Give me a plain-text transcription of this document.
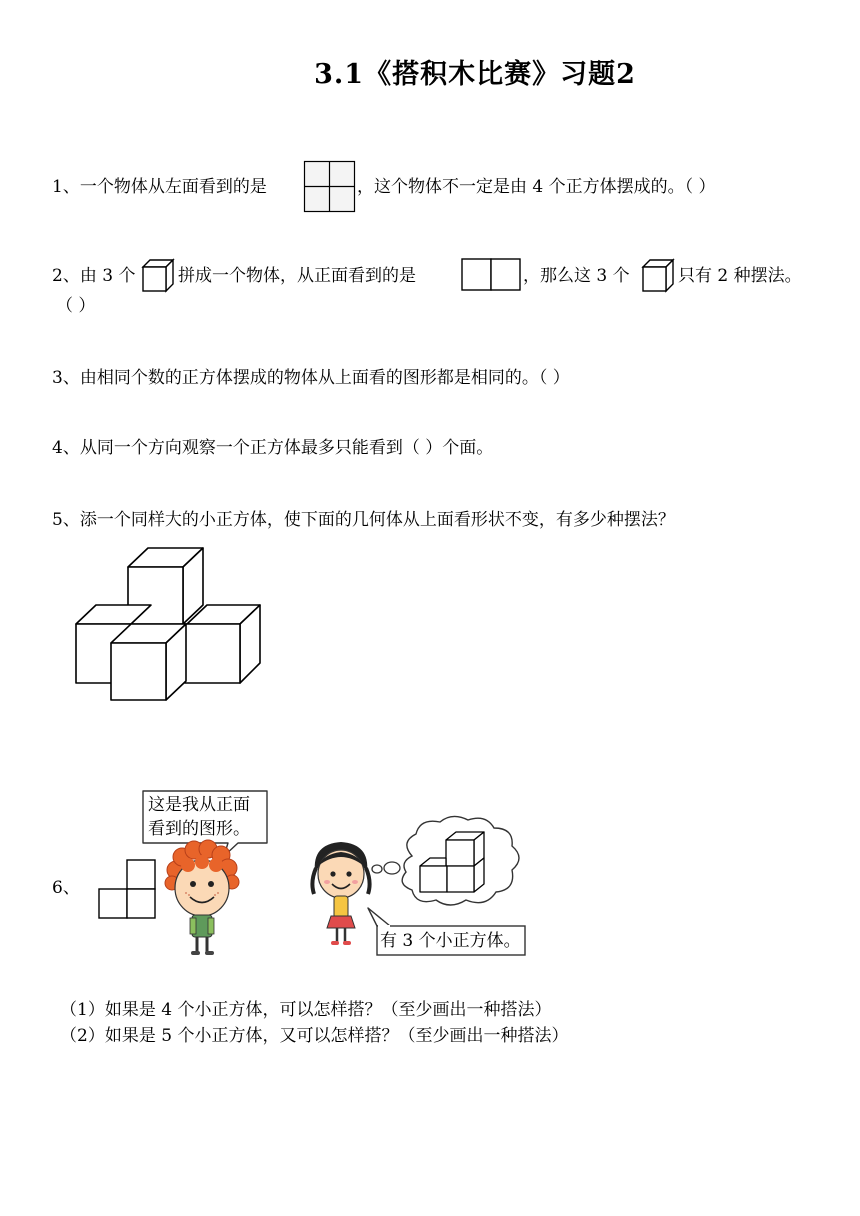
3.1《搭积木比赛》习题2
1、一个物体从左面看到的是	，这个物体不一定是由 4 个正方体摆成的。（ ）
2、由 3 个	拼成一个物体，从正面看到的是	，那么这 3 个	只有 2 种摆法。
（ ）
3、由相同个数的正方体摆成的物体从上面看的图形都是相同的。（ ）
4、从同一个方向观察一个正方体最多只能看到（ ）个面。
5、添一个同样大的小正方体，使下面的几何体从上面看形状不变，有多少种摆法？
6、
这是我从正面
看到的图形。
有 3 个小正方体。
（1）如果是 4 个小正方体，可以怎样搭？（至少画出一种搭法）
（2）如果是 5 个小正方体，又可以怎样搭？（至少画出一种搭法）
